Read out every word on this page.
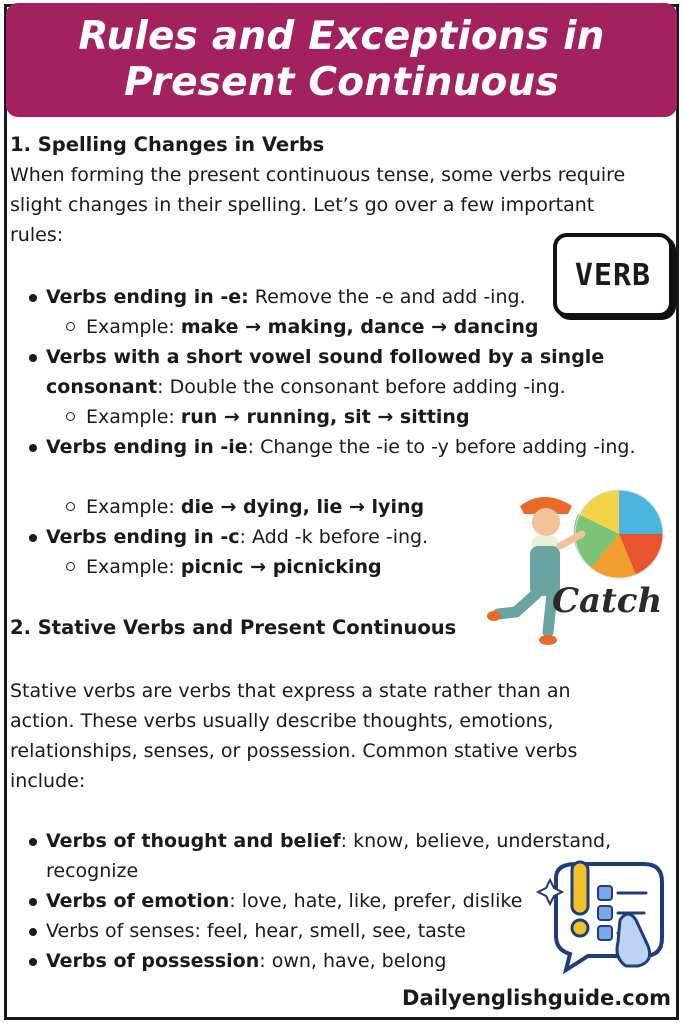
Rules and Exceptions in Present Continuous
1. Spelling Changes in Verbs
When forming the present continuous tense, some verbs require slight changes in their spelling. Let’s go over a few important rules:
VERB
Verbs ending in -e: Remove the -e and add -ing.
Example: make → making, dance → dancing
Verbs with a short vowel sound followed by a single consonant: Double the consonant before adding -ing.
Example: run → running, sit → sitting
Verbs ending in -ie: Change the -ie to -y before adding -ing.
Example: die → dying, lie → lying
Verbs ending in -c: Add -k before -ing.
Example: picnic → picnicking
Catch
2. Stative Verbs and Present Continuous
Stative verbs are verbs that express a state rather than an action. These verbs usually describe thoughts, emotions, relationships, senses, or possession. Common stative verbs include:
Verbs of thought and belief: know, believe, understand, recognize
Verbs of emotion: love, hate, like, prefer, dislike
Verbs of senses: feel, hear, smell, see, taste
Verbs of possession: own, have, belong
Dailyenglishguide.com
